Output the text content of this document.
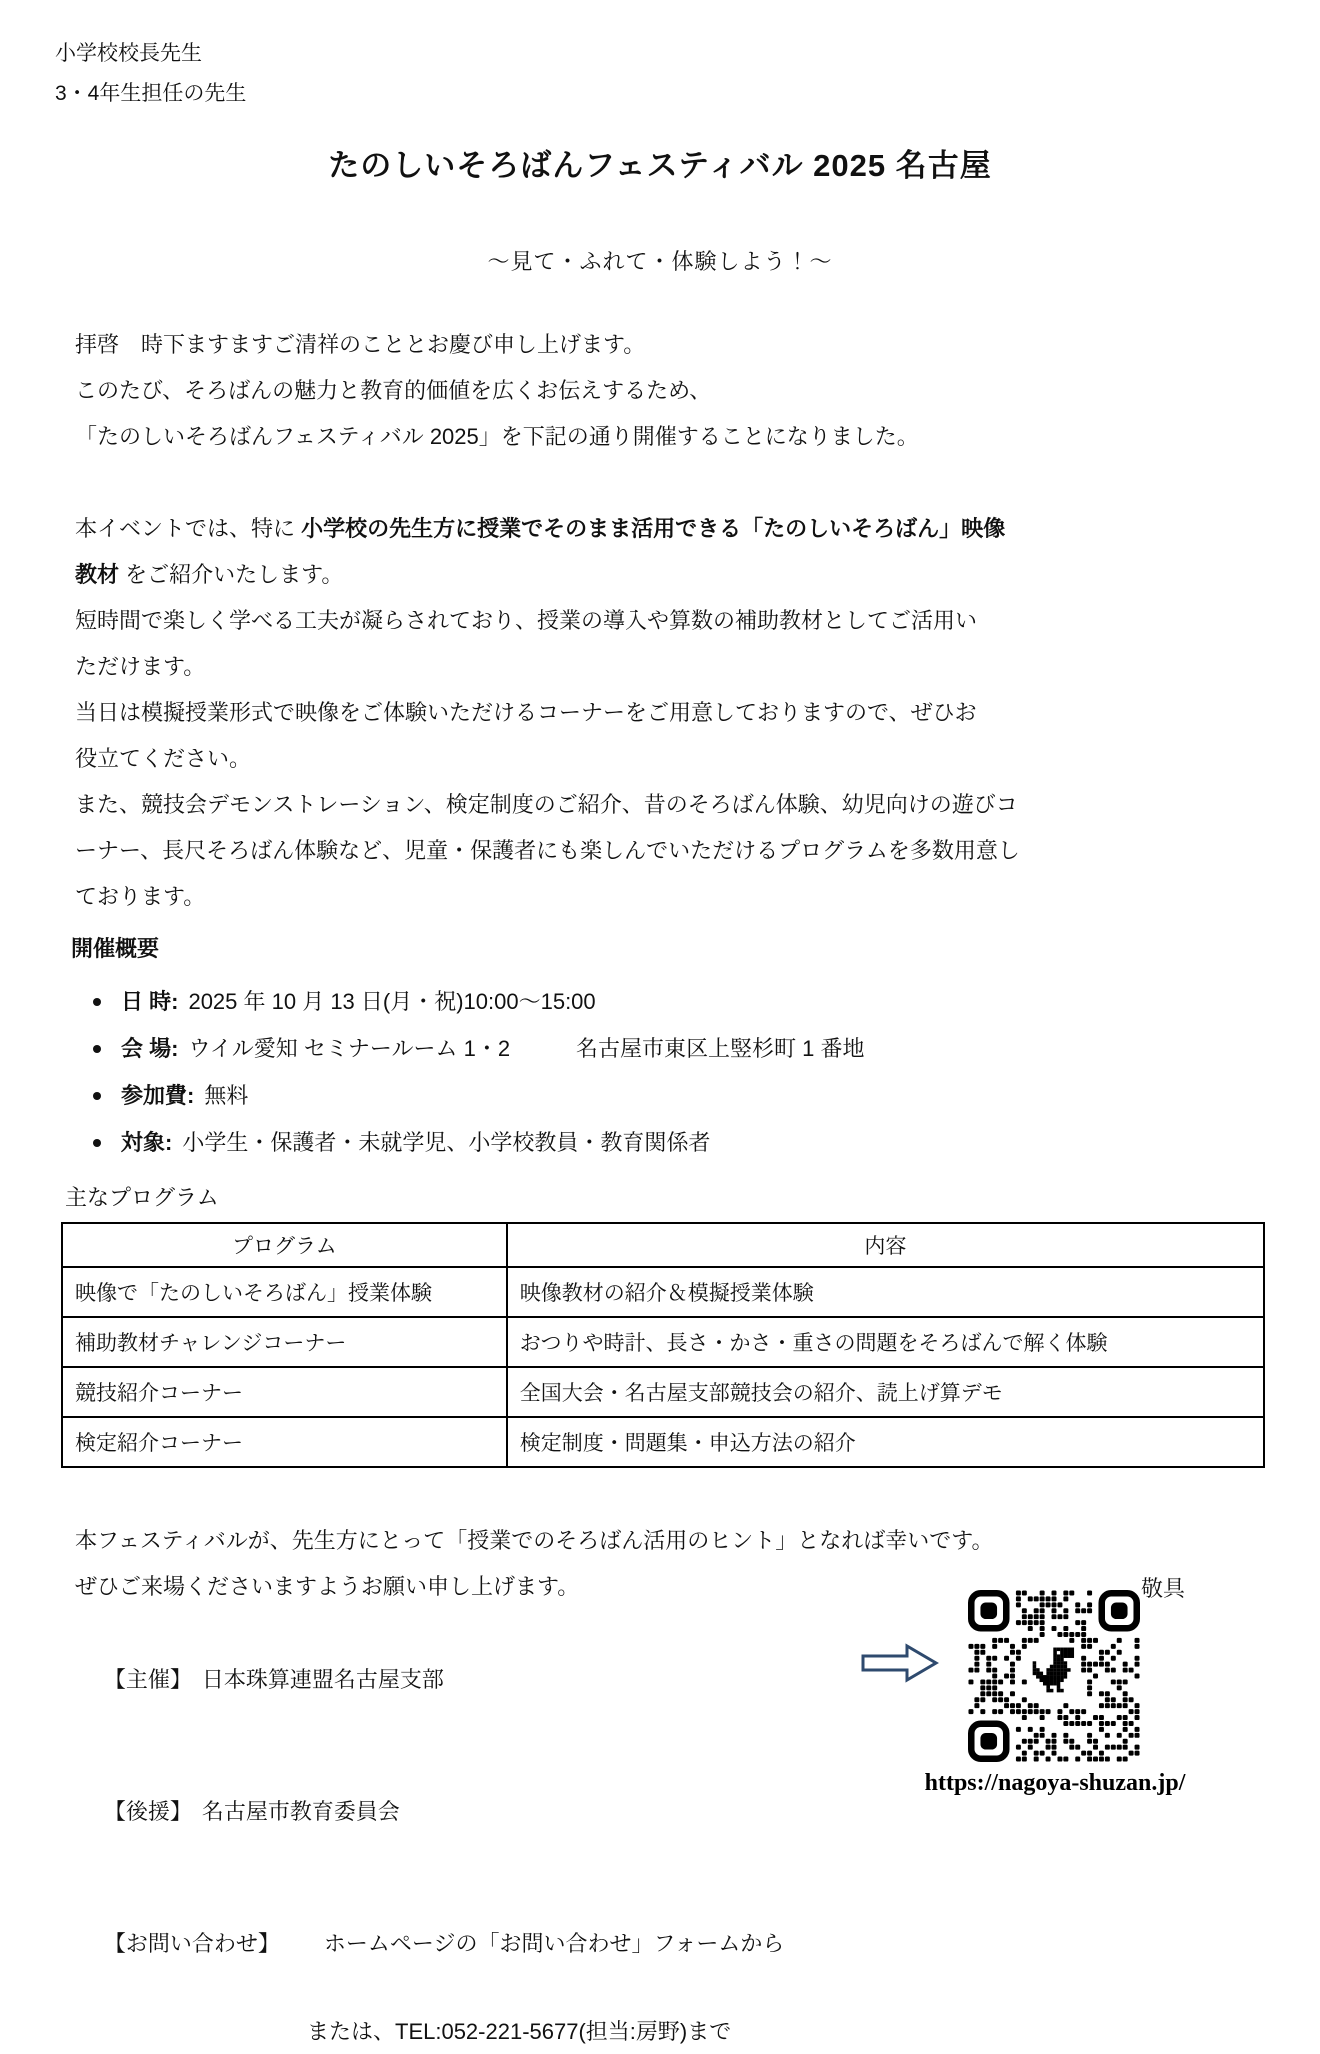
小学校校長先生
3・4年生担任の先生
たのしいそろばんフェスティバル 2025 名古屋
～見て・ふれて・体験しよう！～
拝啓　時下ますますご清祥のこととお慶び申し上げます。
このたび、そろばんの魅力と教育的価値を広くお伝えするため、
「たのしいそろばんフェスティバル 2025」を下記の通り開催することになりました。
本イベントでは、特に 小学校の先生方に授業でそのまま活用できる「たのしいそろばん」映像
教材 をご紹介いたします。
短時間で楽しく学べる工夫が凝らされており、授業の導入や算数の補助教材としてご活用い
ただけます。
当日は模擬授業形式で映像をご体験いただけるコーナーをご用意しておりますので、ぜひお
役立てください。
また、競技会デモンストレーション、検定制度のご紹介、昔のそろばん体験、幼児向けの遊びコ
ーナー、長尺そろばん体験など、児童・保護者にも楽しんでいただけるプログラムを多数用意し
ております。
開催概要
日 時: 2025 年 10 月 13 日(月・祝)10:00～15:00
会 場: ウイル愛知 セミナールーム 1・2　　　名古屋市東区上竪杉町 1 番地
参加費: 無料
対象: 小学生・保護者・未就学児、小学校教員・教育関係者
主なプログラム
プログラム	内容
映像で「たのしいそろばん」授業体験	映像教材の紹介＆模擬授業体験
補助教材チャレンジコーナー	おつりや時計、長さ・かさ・重さの問題をそろばんで解く体験
競技紹介コーナー	全国大会・名古屋支部競技会の紹介、読上げ算デモ
検定紹介コーナー	検定制度・問題集・申込方法の紹介
本フェスティバルが、先生方にとって「授業でのそろばん活用のヒント」となれば幸いです。
ぜひご来場くださいますようお願い申し上げます。	敬具

【主催】 日本珠算連盟名古屋支部

【後援】 名古屋市教育委員会

【お問い合わせ】 ホームページの「お問い合わせ」フォームから

または、TEL:052-221-5677(担当:房野)まで
https://nagoya-shuzan.jp/
